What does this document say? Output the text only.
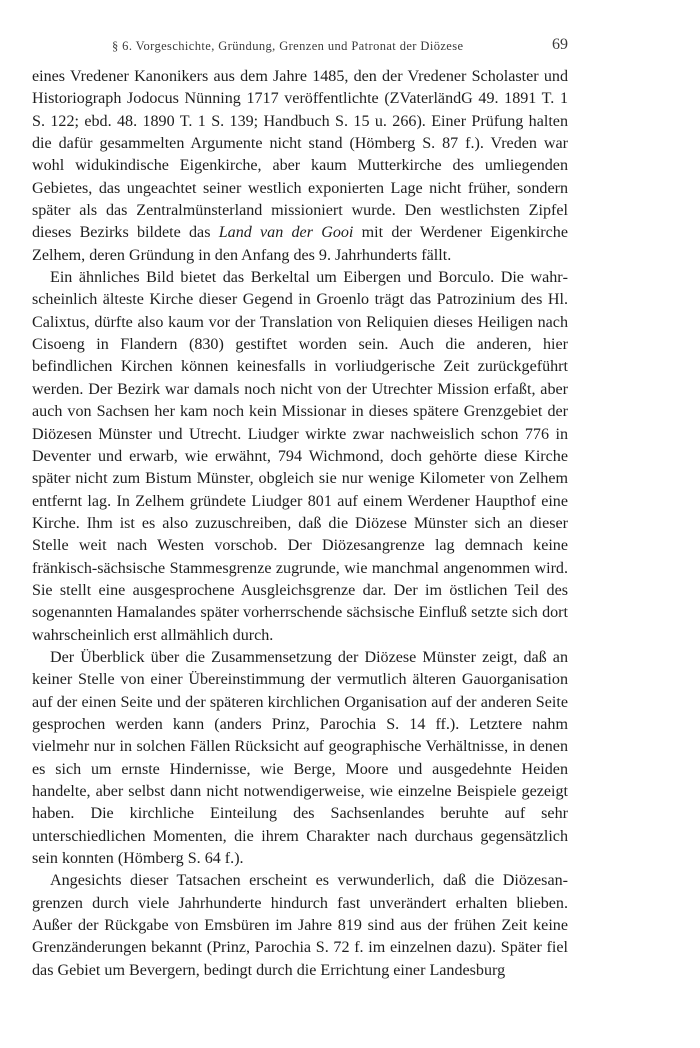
§ 6. Vorgeschichte, Gründung, Grenzen und Patronat der Diözese	69

eines Vredener Kanonikers aus dem Jahre 1485, den der Vredener Scholaster und Historiograph Jodocus Nünning 1717 veröffentlichte (ZVaterländG 49. 1891 T. 1 S. 122; ebd. 48. 1890 T. 1 S. 139; Handbuch S. 15 u. 266). Einer Prüfung halten die dafür gesammelten Argumente nicht stand (Hömberg S. 87 f.). Vreden war wohl widukindische Eigenkirche, aber kaum Mutterkirche des umliegenden Gebietes, das ungeachtet seiner westlich exponierten Lage nicht früher, sondern später als das Zentralmünsterland missioniert wurde. Den westlichsten Zipfel dieses Bezirks bildete das Land van der Gooi mit der Werdener Eigenkirche Zelhem, deren Gründung in den Anfang des 9. Jahrhunderts fällt.

Ein ähnliches Bild bietet das Berkeltal um Eibergen und Borculo. Die wahrscheinlich älteste Kirche dieser Gegend in Groenlo trägt das Patrozinium des Hl. Calixtus, dürfte also kaum vor der Translation von Reliquien dieses Heiligen nach Cisoeng in Flandern (830) gestiftet worden sein. Auch die anderen, hier befindlichen Kirchen können keinesfalls in vorliudgerische Zeit zurückgeführt werden. Der Bezirk war damals noch nicht von der Utrechter Mission erfaßt, aber auch von Sachsen her kam noch kein Missionar in dieses spätere Grenzgebiet der Diözesen Münster und Utrecht. Liudger wirkte zwar nachweislich schon 776 in Deventer und erwarb, wie erwähnt, 794 Wichmond, doch gehörte diese Kirche später nicht zum Bistum Münster, obgleich sie nur wenige Kilometer von Zelhem entfernt lag. In Zelhem gründete Liudger 801 auf einem Werdener Haupthof eine Kirche. Ihm ist es also zuzuschreiben, daß die Diözese Münster sich an dieser Stelle weit nach Westen vorschob. Der Diözesangrenze lag demnach keine fränkisch-sächsische Stammesgrenze zugrunde, wie manchmal angenommen wird. Sie stellt eine ausgesprochene Ausgleichsgrenze dar. Der im östlichen Teil des sogenannten Hamalandes später vorherrschende sächsische Einfluß setzte sich dort wahrscheinlich erst allmählich durch.

Der Überblick über die Zusammensetzung der Diözese Münster zeigt, daß an keiner Stelle von einer Übereinstimmung der vermutlich älteren Gauorganisation auf der einen Seite und der späteren kirchlichen Organisation auf der anderen Seite gesprochen werden kann (anders Prinz, Parochia S. 14 ff.). Letztere nahm vielmehr nur in solchen Fällen Rücksicht auf geographische Verhältnisse, in denen es sich um ernste Hindernisse, wie Berge, Moore und ausgedehnte Heiden handelte, aber selbst dann nicht notwendigerweise, wie einzelne Beispiele gezeigt haben. Die kirchliche Einteilung des Sachsenlandes beruhte auf sehr unterschiedlichen Momenten, die ihrem Charakter nach durchaus gegensätzlich sein konnten (Hömberg S. 64 f.).

Angesichts dieser Tatsachen erscheint es verwunderlich, daß die Diözesangrenzen durch viele Jahrhunderte hindurch fast unverändert erhalten blieben. Außer der Rückgabe von Emsbüren im Jahre 819 sind aus der frühen Zeit keine Grenzänderungen bekannt (Prinz, Parochia S. 72 f. im einzelnen dazu). Später fiel das Gebiet um Bevergern, bedingt durch die Errichtung einer Landesburg
